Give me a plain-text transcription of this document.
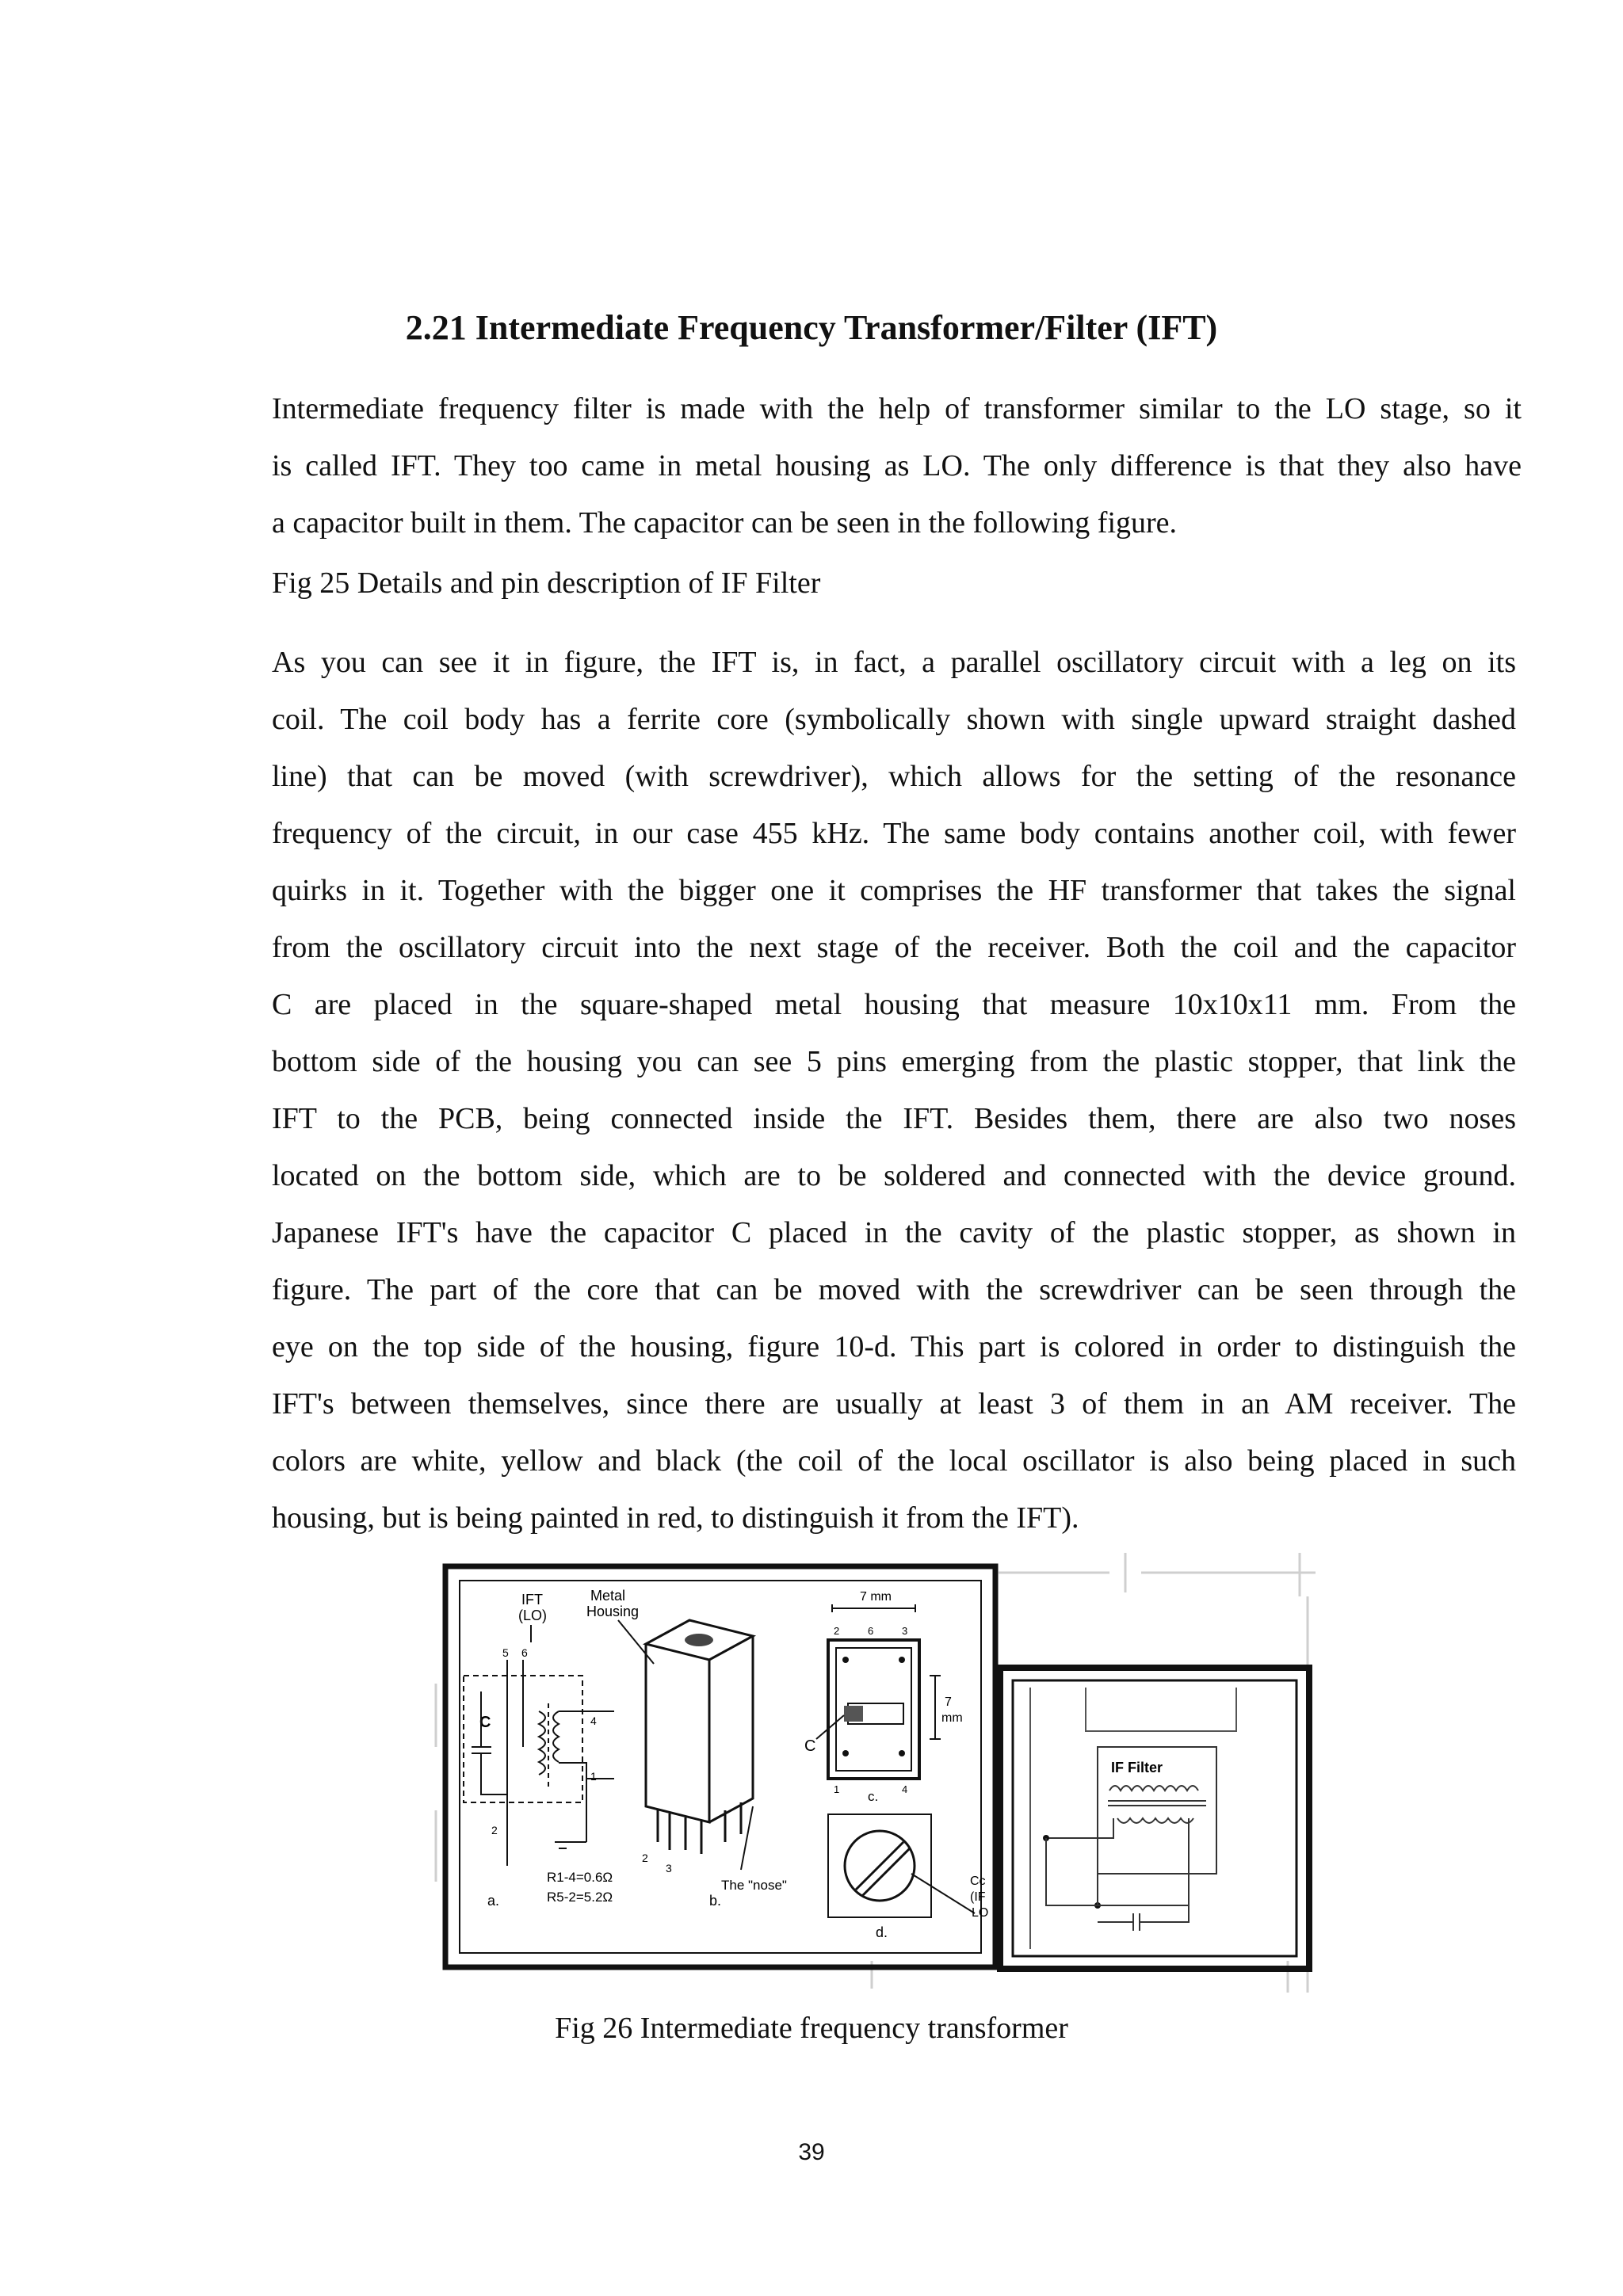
2.21 Intermediate Frequency Transformer/Filter (IFT)
Intermediate frequency filter is made with the help of transformer similar to the LO stage, so it
is called IFT. They too came in metal housing as LO. The only difference is that they also have
a capacitor built in them. The capacitor can be seen in the following figure.

Fig 25 Details and pin description of IF Filter

As you can see it in figure, the IFT is, in fact, a parallel oscillatory circuit with a leg on its
coil. The coil body has a ferrite core (symbolically shown with single upward straight dashed
line) that can be moved (with screwdriver), which allows for the setting of the resonance
frequency of the circuit, in our case 455 kHz. The same body contains another coil, with fewer
quirks in it. Together with the bigger one it comprises the HF transformer that takes the signal
from the oscillatory circuit into the next stage of the receiver. Both the coil and the capacitor
C are placed in the square-shaped metal housing that measure 10x10x11 mm. From the
bottom side of the housing you can see 5 pins emerging from the plastic stopper, that link the
IFT to the PCB, being connected inside the IFT. Besides them, there are also two noses
located on the bottom side, which are to be soldered and connected with the device ground.
Japanese IFT's have the capacitor C placed in the cavity of the plastic stopper, as shown in
figure. The part of the core that can be moved with the screwdriver can be seen through the
eye on the top side of the housing, figure 10-d. This part is colored in order to distinguish the
IFT's between themselves, since there are usually at least 3 of them in an AM receiver. The
colors are white, yellow and black (the coil of the local oscillator is also being placed in such
housing, but is being painted in red, to distinguish it from the IFT).
IFT
(LO)
5 6
C	4
1
2
a.
Metal
Housing
2
3
The "nose"
R1-4=0.6Ω
R5-2=5.2Ω	b.
7 mm
C
7
mm
2	6	3
1	4
c.
d.
Cc
(IF
LO
IF Filter

Fig 26 Intermediate frequency transformer

39
